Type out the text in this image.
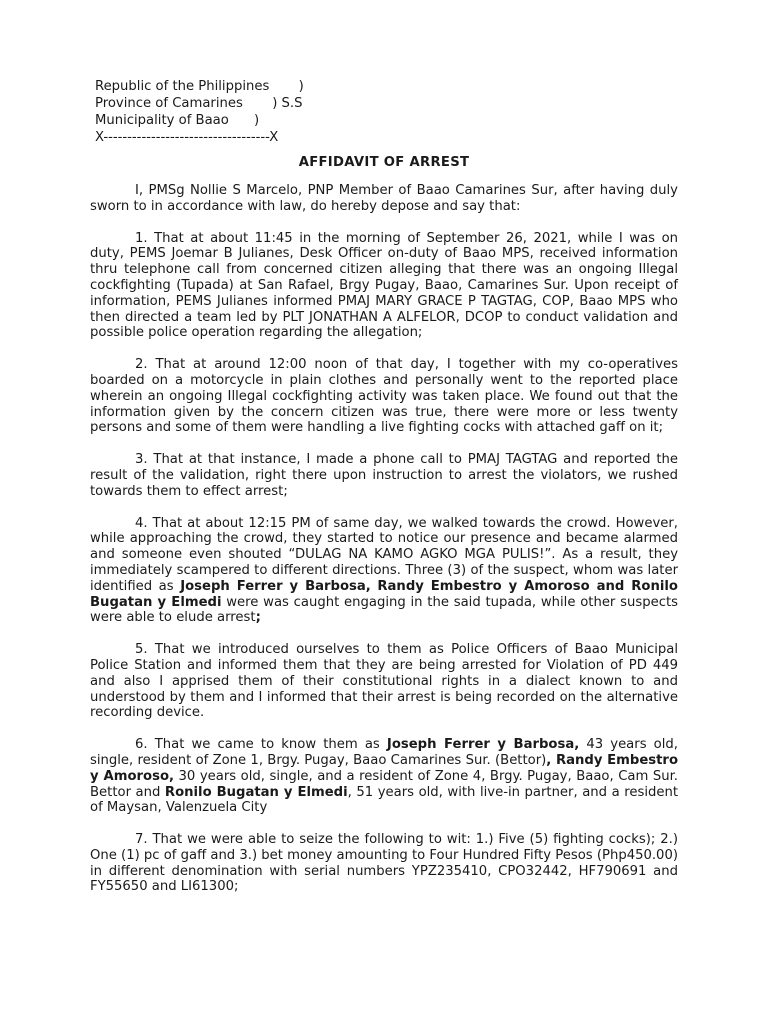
Republic of the Philippines       )
Province of Camarines       ) S.S
Municipality of Baao      )
X-----------------------------------X
AFFIDAVIT OF ARREST

I, PMSg Nollie S Marcelo, PNP Member of Baao Camarines Sur, after having duly sworn to in accordance with law, do hereby depose and say that:

1. That at about 11:45 in the morning of September 26, 2021, while I was on duty, PEMS Joemar B Julianes, Desk Officer on-duty of Baao MPS, received information thru telephone call from concerned citizen alleging that there was an ongoing Illegal cockfighting (Tupada) at San Rafael, Brgy Pugay, Baao, Camarines Sur. Upon receipt of information, PEMS Julianes informed PMAJ MARY GRACE P TAGTAG, COP, Baao MPS who then directed a team led by PLT JONATHAN A ALFELOR, DCOP to conduct validation and possible police operation regarding the allegation;

2. That at around 12:00 noon of that day, I together with my co-operatives boarded on a motorcycle in plain clothes and personally went to the reported place wherein an ongoing Illegal cockfighting activity was taken place. We found out that the information given by the concern citizen was true, there were more or less twenty persons and some of them were handling a live fighting cocks with attached gaff on it;

3. That at that instance, I made a phone call to PMAJ TAGTAG and reported the result of the validation, right there upon instruction to arrest the violators, we rushed towards them to effect arrest;

4. That at about 12:15 PM of same day, we walked towards the crowd. However, while approaching the crowd, they started to notice our presence and became alarmed and someone even shouted “DULAG NA KAMO AGKO MGA PULIS!”. As a result, they immediately scampered to different directions. Three (3) of the suspect, whom was later identified as Joseph Ferrer y Barbosa, Randy Embestro y Amoroso and Ronilo Bugatan y Elmedi were was caught engaging in the said tupada, while other suspects were able to elude arrest;

5. That we introduced ourselves to them as Police Officers of Baao Municipal Police Station and informed them that they are being arrested for Violation of PD 449 and also I apprised them of their constitutional rights in a dialect known to and understood by them and I informed that their arrest is being recorded on the alternative recording device.

6. That we came to know them as Joseph Ferrer y Barbosa, 43 years old, single, resident of Zone 1, Brgy. Pugay, Baao Camarines Sur. (Bettor), Randy Embestro y Amoroso, 30 years old, single, and a resident of Zone 4, Brgy. Pugay, Baao, Cam Sur. Bettor and Ronilo Bugatan y Elmedi, 51 years old, with live-in partner, and a resident of Maysan, Valenzuela City

7. That we were able to seize the following to wit: 1.) Five (5) fighting cocks); 2.) One (1) pc of gaff and 3.) bet money amounting to Four Hundred Fifty Pesos (Php450.00) in different denomination with serial numbers YPZ235410, CPO32442, HF790691 and FY55650 and LI61300;
